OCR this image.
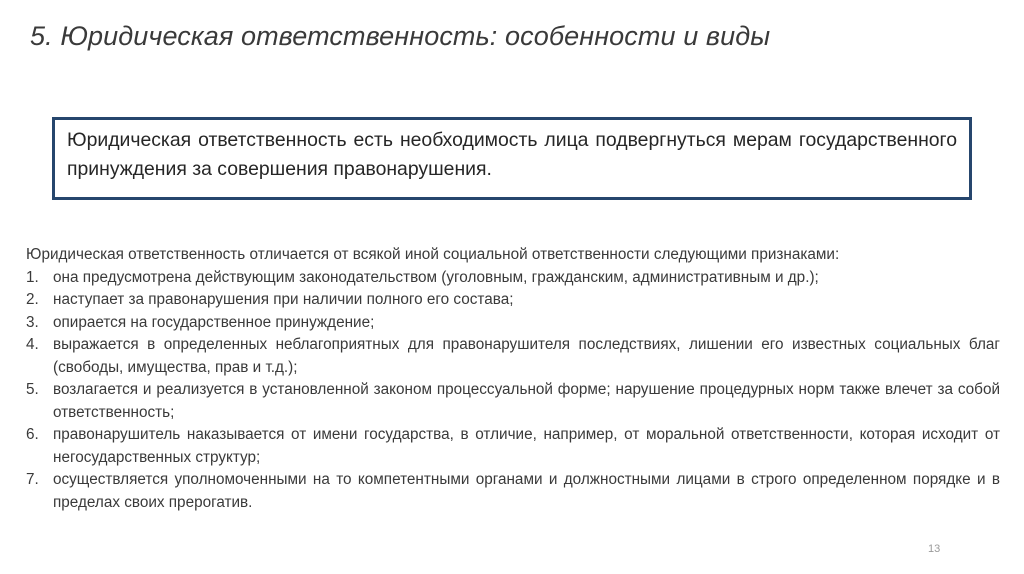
5. Юридическая ответственность: особенности и виды

Юридическая ответственность есть необходимость лица подвергнуться мерам государственного принуждения за совершения правонарушения.

Юридическая ответственность отличается от всякой иной социальной ответственности следующими признаками:

1. она предусмотрена действующим законодательством (уголовным, гражданским, административным и др.);
2. наступает за правонарушения при наличии полного его состава;
3. опирается на государственное принуждение;
4. выражается в определенных неблагоприятных для правонарушителя последствиях, лишении его известных социальных благ (свободы, имущества, прав и т.д.);
5. возлагается и реализуется в установленной законом процессуальной форме; нарушение процедурных норм также влечет за собой ответственность;
6. правонарушитель наказывается от имени государства, в отличие, например, от моральной ответственности, которая исходит от негосударственных структур;
7. осуществляется уполномоченными на то компетентными органами и должностными лицами в строго определенном порядке и в пределах своих прерогатив.
13
